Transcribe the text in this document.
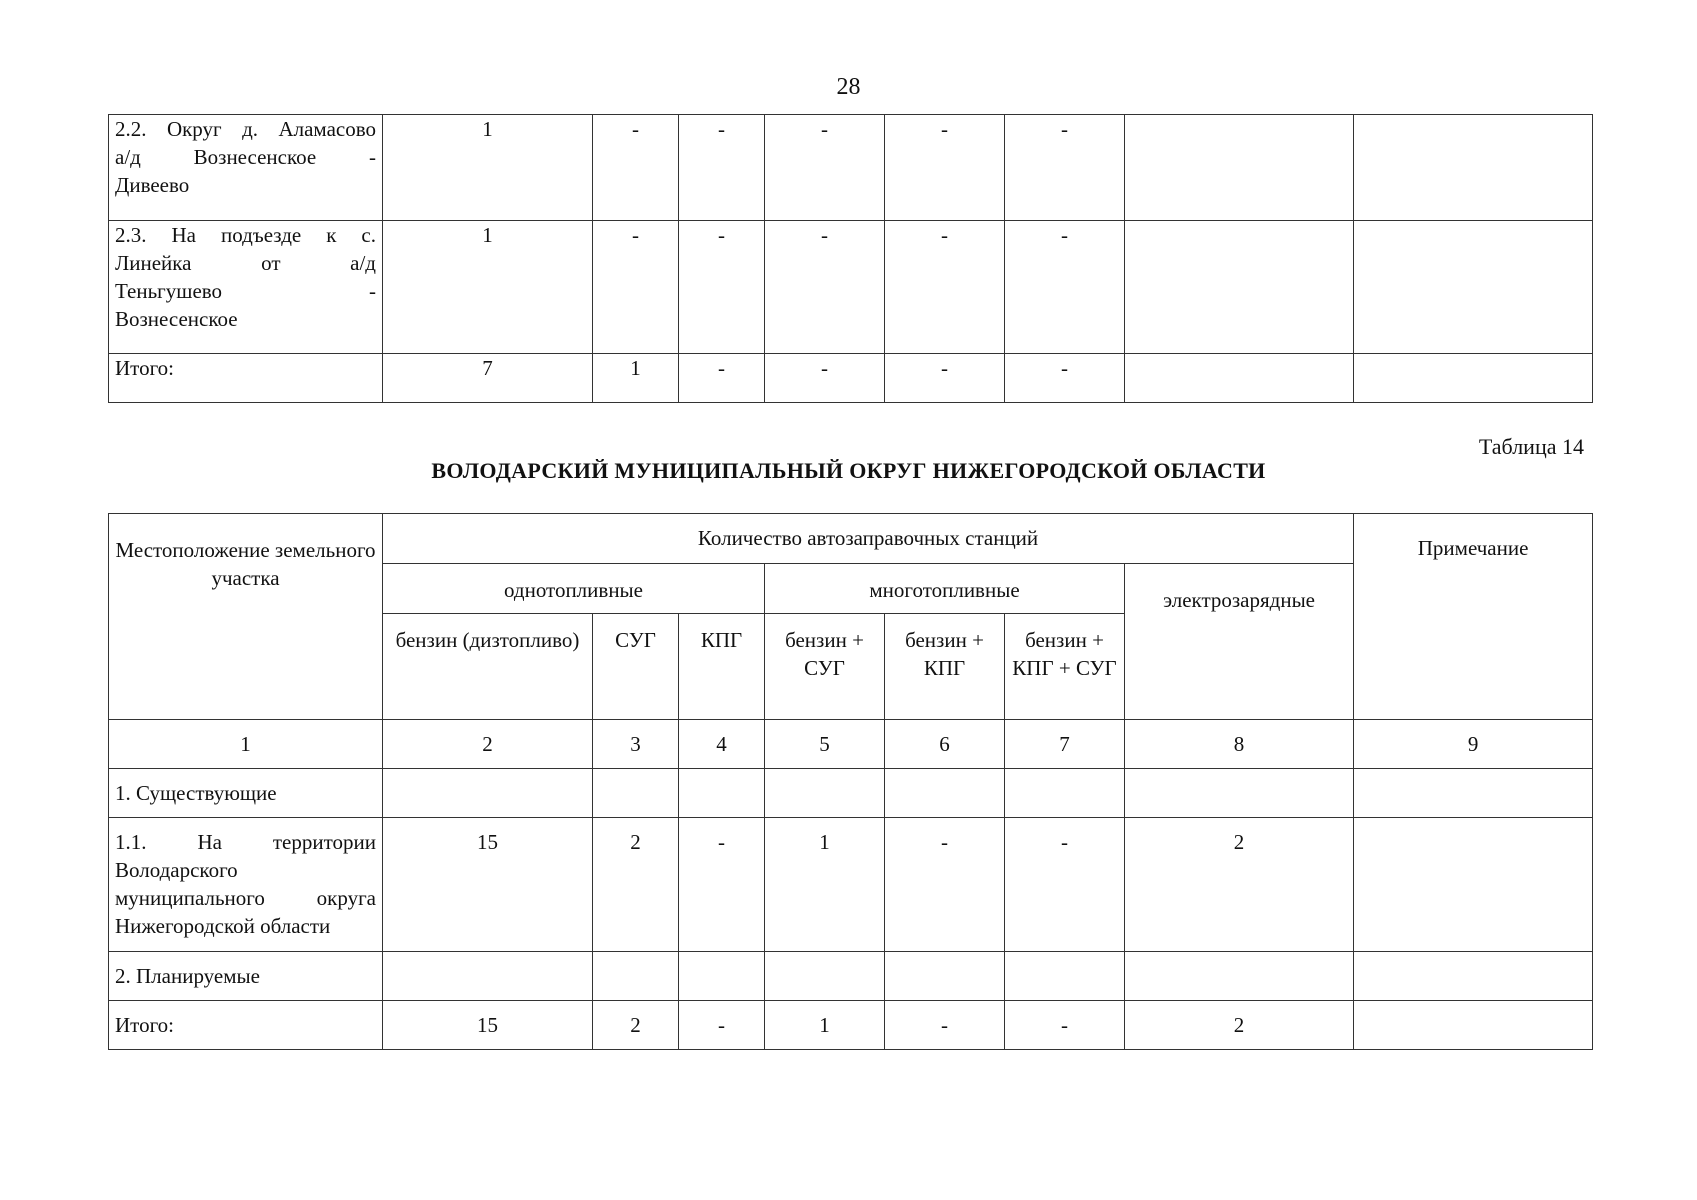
28
2.2. Округ д. Аламасово
а/д Вознесенское -
Дивеево	1	-	-	-	-	-		

2.3. На подъезде к с.
Линейка от а/д
Теньгушево -
Вознесенское	1	-	-	-	-	-		

Итого:	7	1	-	-	-	-		
Таблица 14
ВОЛОДАРСКИЙ МУНИЦИПАЛЬНЫЙ ОКРУГ НИЖЕГОРОДСКОЙ ОБЛАСТИ
Местоположение земельного участка	Количество автозаправочных станций							Примечание
	однотопливные			многотопливные			электрозарядные	
	бензин (дизтопливо)	СУГ	КПГ	бензин + СУГ	бензин + КПГ	бензин + КПГ + СУГ		
1	2	3	4	5	6	7	8	9

1. Существующие								

1.1. На территории
Володарского
муниципального округа
Нижегородской области	15	2	-	1	-	-	2	

2. Планируемые								

Итого:	15	2	-	1	-	-	2	
